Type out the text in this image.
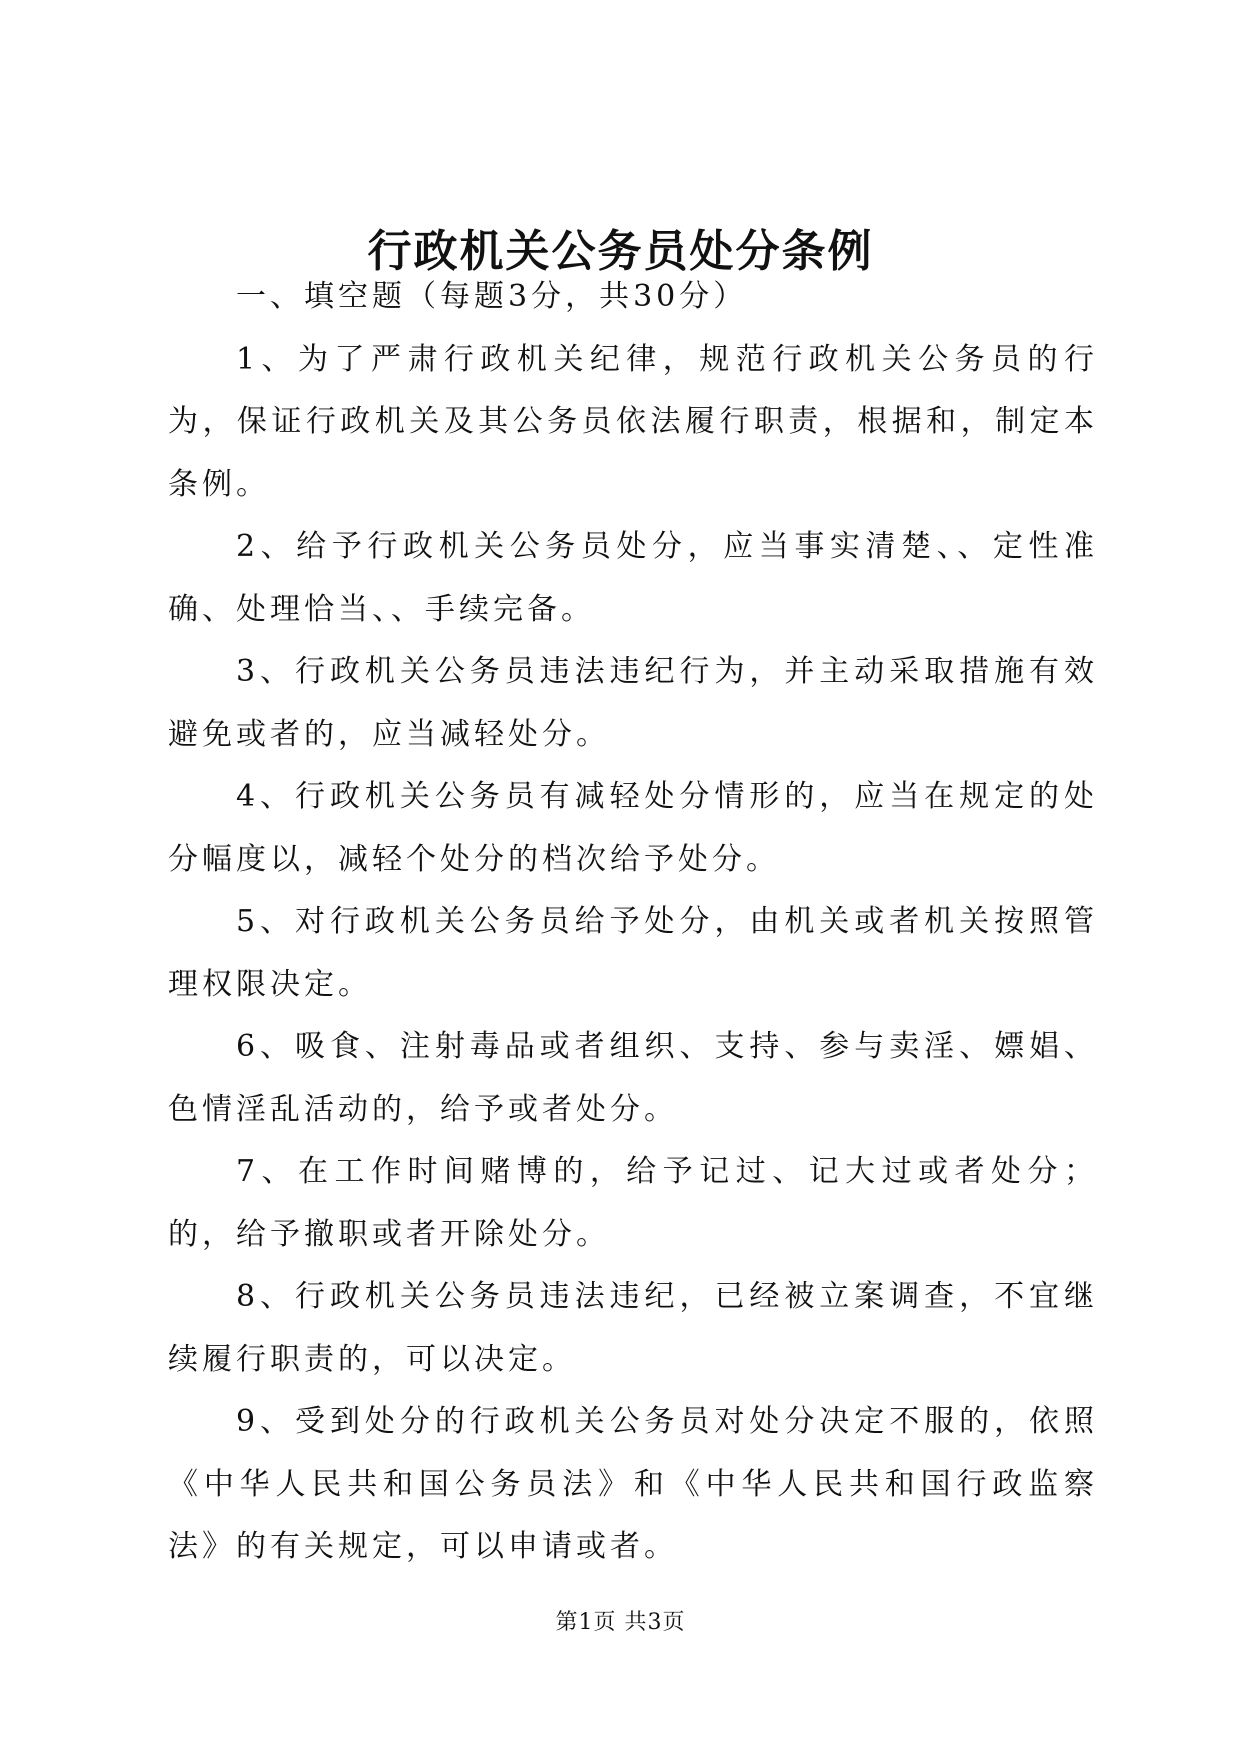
行政机关公务员处分条例

一、填空题（每题3分，共30分）

1、为了严肃行政机关纪律，规范行政机关公务员的行为，保证行政机关及其公务员依法履行职责，根据和，制定本条例。

2、给予行政机关公务员处分，应当事实清楚、、定性准确、处理恰当、、手续完备。

3、行政机关公务员违法违纪行为，并主动采取措施有效避免或者的，应当减轻处分。

4、行政机关公务员有减轻处分情形的，应当在规定的处分幅度以，减轻个处分的档次给予处分。

5、对行政机关公务员给予处分，由机关或者机关按照管理权限决定。

6、吸食、注射毒品或者组织、支持、参与卖淫、嫖娼、色情淫乱活动的，给予或者处分。

7、在工作时间赌博的，给予记过、记大过或者处分；的，给予撤职或者开除处分。

8、行政机关公务员违法违纪，已经被立案调查，不宜继续履行职责的，可以决定。

9、受到处分的行政机关公务员对处分决定不服的，依照《中华人民共和国公务员法》和《中华人民共和国行政监察法》的有关规定，可以申请或者。

第1页 共3页
